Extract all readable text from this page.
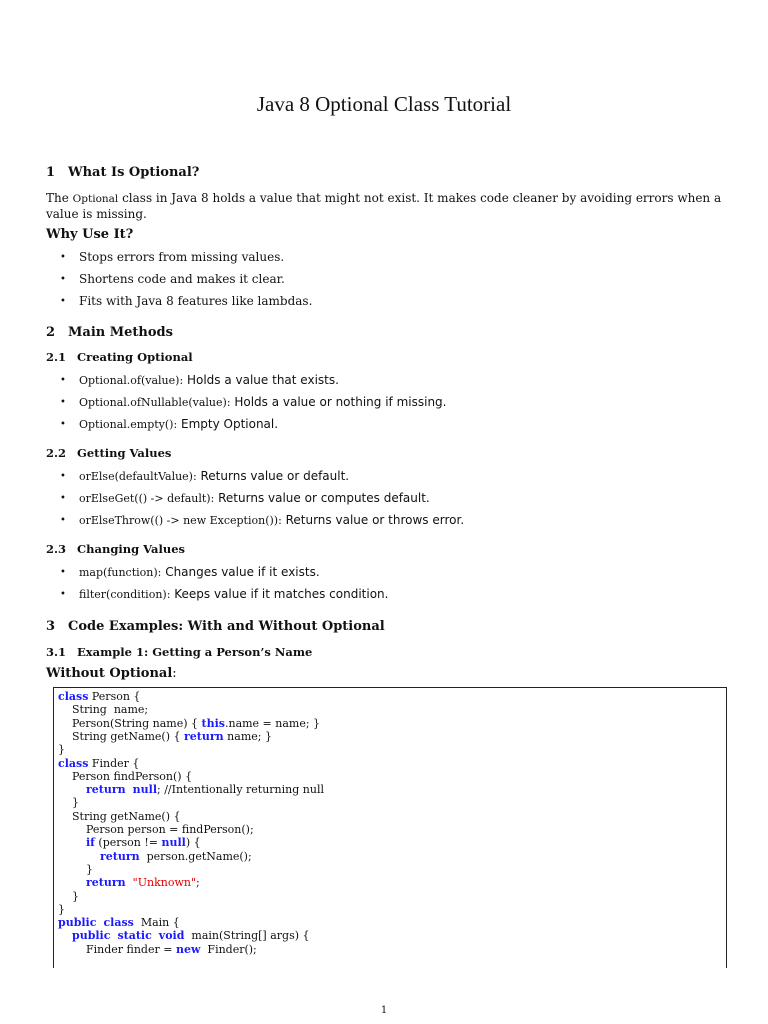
Java 8 Optional Class Tutorial
1 What Is Optional?
The Optional class in Java 8 holds a value that might not exist. It makes code cleaner by avoiding errors when a value is missing.
Why Use It?
• Stops errors from missing values.
• Shortens code and makes it clear.
• Fits with Java 8 features like lambdas.
2 Main Methods
2.1 Creating Optional
• Optional.of(value): Holds a value that exists.
• Optional.ofNullable(value): Holds a value or nothing if missing.
• Optional.empty(): Empty Optional.
2.2 Getting Values
• orElse(defaultValue): Returns value or default.
• orElseGet(() -> default): Returns value or computes default.
• orElseThrow(() -> new Exception()): Returns value or throws error.
2.3 Changing Values
• map(function): Changes value if it exists.
• filter(condition): Keeps value if it matches condition.
3 Code Examples: With and Without Optional
3.1 Example 1: Getting a Person’s Name
Without Optional:
class Person {
String  name;
Person(String name) { this.name = name; }
String getName() { return name; }
}
class Finder {
Person findPerson() {
return null; //Intentionally returning null
}
String getName() {
Person person = findPerson();
if (person != null) {
return  person.getName();
}
return "Unknown";
}
}
public class  Main {
public static void  main(String[] args) {
Finder finder = new  Finder();
1
